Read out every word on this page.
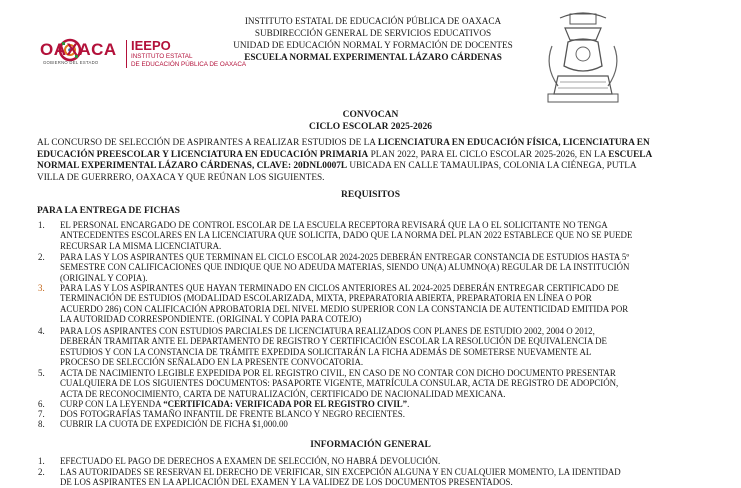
OAXACA
GOBIERNO DEL ESTADO
IEEPO
INSTITUTO ESTATAL
DE EDUCACIÓN PÚBLICA DE OAXACA
INSTITUTO ESTATAL DE EDUCACIÓN PÚBLICA DE OAXACA
SUBDIRECCIÓN GENERAL DE SERVICIOS EDUCATIVOS
UNIDAD DE EDUCACIÓN NORMAL Y FORMACIÓN DE DOCENTES
ESCUELA NORMAL EXPERIMENTAL LÁZARO CÁRDENAS
CONVOCAN
CICLO ESCOLAR 2025-2026

AL CONCURSO DE SELECCIÓN DE ASPIRANTES A REALIZAR ESTUDIOS DE LA LICENCIATURA EN EDUCACIÓN FÍSICA, LICENCIATURA EN

EDUCACIÓN PREESCOLAR Y LICENCIATURA EN EDUCACIÓN PRIMARIA PLAN 2022, PARA EL CICLO ESCOLAR 2025-2026, EN LA ESCUELA

NORMAL EXPERIMENTAL LÁZARO CÁRDENAS, CLAVE: 20DNL0007L UBICADA EN CALLE TAMAULIPAS, COLONIA LA CIÉNEGA, PUTLA

VILLA DE GUERRERO, OAXACA Y QUE REÚNAN LOS SIGUIENTES.

REQUISITOS
PARA LA ENTREGA DE FICHAS
1. EL PERSONAL ENCARGADO DE CONTROL ESCOLAR DE LA ESCUELA RECEPTORA REVISARÁ QUE LA O EL SOLICITANTE NO TENGA
ANTECEDENTES ESCOLARES EN LA LICENCIATURA QUE SOLICITA, DADO QUE LA NORMA DEL PLAN 2022 ESTABLECE QUE NO SE PUEDE
RECURSAR LA MISMA LICENCIATURA.
2. PARA LAS Y LOS ASPIRANTES QUE TERMINAN EL CICLO ESCOLAR 2024-2025 DEBERÁN ENTREGAR CONSTANCIA DE ESTUDIOS HASTA 5º
SEMESTRE CON CALIFICACIONES QUE INDIQUE QUE NO ADEUDA MATERIAS, SIENDO UN(A) ALUMNO(A) REGULAR DE LA INSTITUCIÓN
(ORIGINAL Y COPIA).
3. PARA LAS Y LOS ASPIRANTES QUE HAYAN TERMINADO EN CICLOS ANTERIORES AL 2024-2025 DEBERÁN ENTREGAR CERTIFICADO DE
TERMINACIÓN DE ESTUDIOS (MODALIDAD ESCOLARIZADA, MIXTA, PREPARATORIA ABIERTA, PREPARATORIA EN LÍNEA O POR
ACUERDO 286) CON CALIFICACIÓN APROBATORIA DEL NIVEL MEDIO SUPERIOR CON LA CONSTANCIA DE AUTENTICIDAD EMITIDA POR
LA AUTORIDAD CORRESPONDIENTE. (ORIGINAL Y COPIA PARA COTEJO)
4. PARA LOS ASPIRANTES CON ESTUDIOS PARCIALES DE LICENCIATURA REALIZADOS CON PLANES DE ESTUDIO 2002, 2004 O 2012,
DEBERÁN TRAMITAR ANTE EL DEPARTAMENTO DE REGISTRO Y CERTIFICACIÓN ESCOLAR LA RESOLUCIÓN DE EQUIVALENCIA DE
ESTUDIOS Y CON LA CONSTANCIA DE TRÁMITE EXPEDIDA SOLICITARÁN LA FICHA ADEMÁS DE SOMETERSE NUEVAMENTE AL
PROCESO DE SELECCIÓN SEÑALADO EN LA PRESENTE CONVOCATORIA.
5. ACTA DE NACIMIENTO LEGIBLE EXPEDIDA POR EL REGISTRO CIVIL, EN CASO DE NO CONTAR CON DICHO DOCUMENTO PRESENTAR
CUALQUIERA DE LOS SIGUIENTES DOCUMENTOS: PASAPORTE VIGENTE, MATRÍCULA CONSULAR, ACTA DE REGISTRO DE ADOPCIÓN,
ACTA DE RECONOCIMIENTO, CARTA DE NATURALIZACIÓN, CERTIFICADO DE NACIONALIDAD MEXICANA.
6. CURP CON LA LEYENDA “CERTIFICADA: VERIFICADA POR EL REGISTRO CIVIL”.
7. DOS FOTOGRAFÍAS TAMAÑO INFANTIL DE FRENTE BLANCO Y NEGRO RECIENTES.
8. CUBRIR LA CUOTA DE EXPEDICIÓN DE FICHA $1,000.00
INFORMACIÓN GENERAL
1. EFECTUADO EL PAGO DE DERECHOS A EXAMEN DE SELECCIÓN, NO HABRÁ DEVOLUCIÓN.
2. LAS AUTORIDADES SE RESERVAN EL DERECHO DE VERIFICAR, SIN EXCEPCIÓN ALGUNA Y EN CUALQUIER MOMENTO, LA IDENTIDAD
DE LOS ASPIRANTES EN LA APLICACIÓN DEL EXAMEN Y LA VALIDEZ DE LOS DOCUMENTOS PRESENTADOS.
